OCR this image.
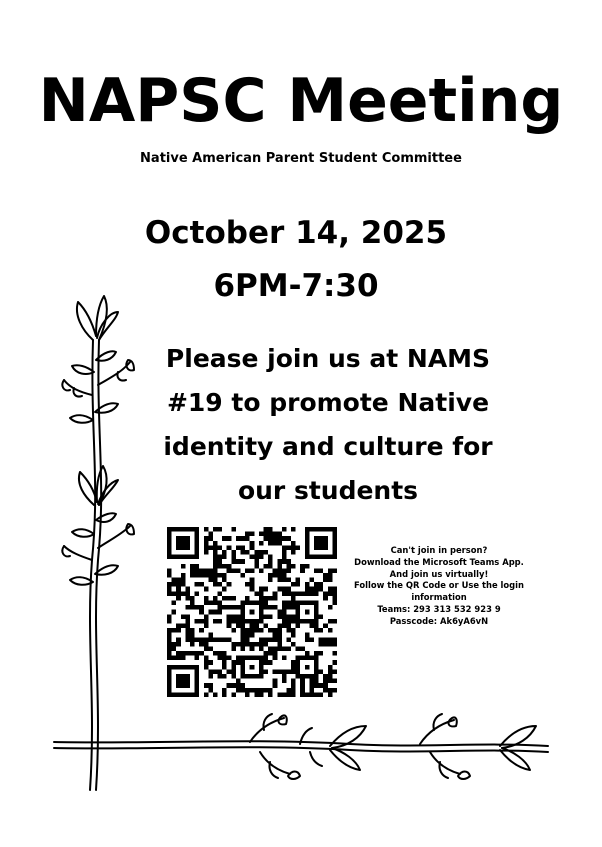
NAPSC Meeting
Native American Parent Student Committee
October 14, 2025
6PM-7:30
Please join us at NAMS
#19 to promote Native
identity and culture for
our students
Can't join in person?
Download the Microsoft Teams App.
And join us virtually!
Follow the QR Code or Use the login
information
Teams: 293 313 532 923 9
Passcode: Ak6yA6vN
